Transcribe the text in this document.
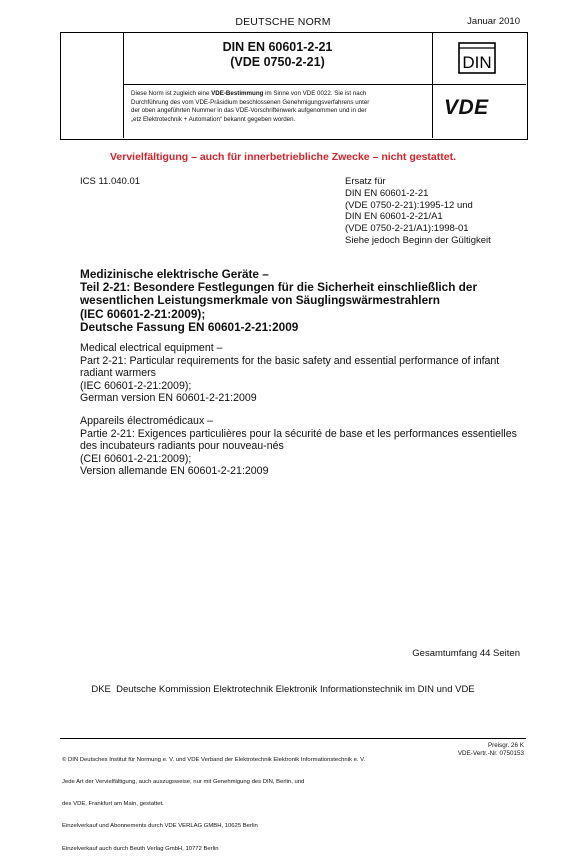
DEUTSCHE NORM	Januar 2010
DIN EN 60601-2-21
(VDE 0750-2-21)	DIN
VDE
Diese Norm ist zugleich eine VDE-Bestimmung im Sinne von VDE 0022. Sie ist nach
Durchführung des vom VDE-Präsidium beschlossenen Genehmigungsverfahrens unter
der oben angeführten Nummer in das VDE-Vorschriftenwerk aufgenommen und in der
„etz Elektrotechnik + Automation“ bekannt gegeben worden.
Vervielfältigung – auch für innerbetriebliche Zwecke – nicht gestattet.
ICS 11.040.01	Ersatz für
DIN EN 60601-2-21
(VDE 0750-2-21):1995-12 und
DIN EN 60601-2-21/A1
(VDE 0750-2-21/A1):1998-01
Siehe jedoch Beginn der Gültigkeit
Medizinische elektrische Geräte –
Teil 2-21: Besondere Festlegungen für die Sicherheit einschließlich der
wesentlichen Leistungsmerkmale von Säuglingswärmestrahlern
(IEC 60601-2-21:2009);
Deutsche Fassung EN 60601-2-21:2009
Medical electrical equipment –
Part 2-21: Particular requirements for the basic safety and essential performance of infant
radiant warmers
(IEC 60601-2-21:2009);
German version EN 60601-2-21:2009
Appareils électromédicaux –
Partie 2-21: Exigences particulières pour la sécurité de base et les performances essentielles
des incubateurs radiants pour nouveau-nés
(CEI 60601-2-21:2009);
Version allemande EN 60601-2-21:2009
Gesamtumfang 44 Seiten
DKE  Deutsche Kommission Elektrotechnik Elektronik Informationstechnik im DIN und VDE

© DIN Deutsches Institut für Normung e. V. und VDE Verband der Elektrotechnik Elektronik Informationstechnik e. V.

Jede Art der Vervielfältigung, auch auszugsweise, nur mit Genehmigung des DIN, Berlin, und

des VDE, Frankfurt am Main, gestattet.

Einzelverkauf und Abonnements durch VDE VERLAG GMBH, 10625 Berlin

Einzelverkauf auch durch Beuth Verlag GmbH, 10772 Berlin

Preisgr. 26 K
VDE-Vertr.-Nr. 0750153
